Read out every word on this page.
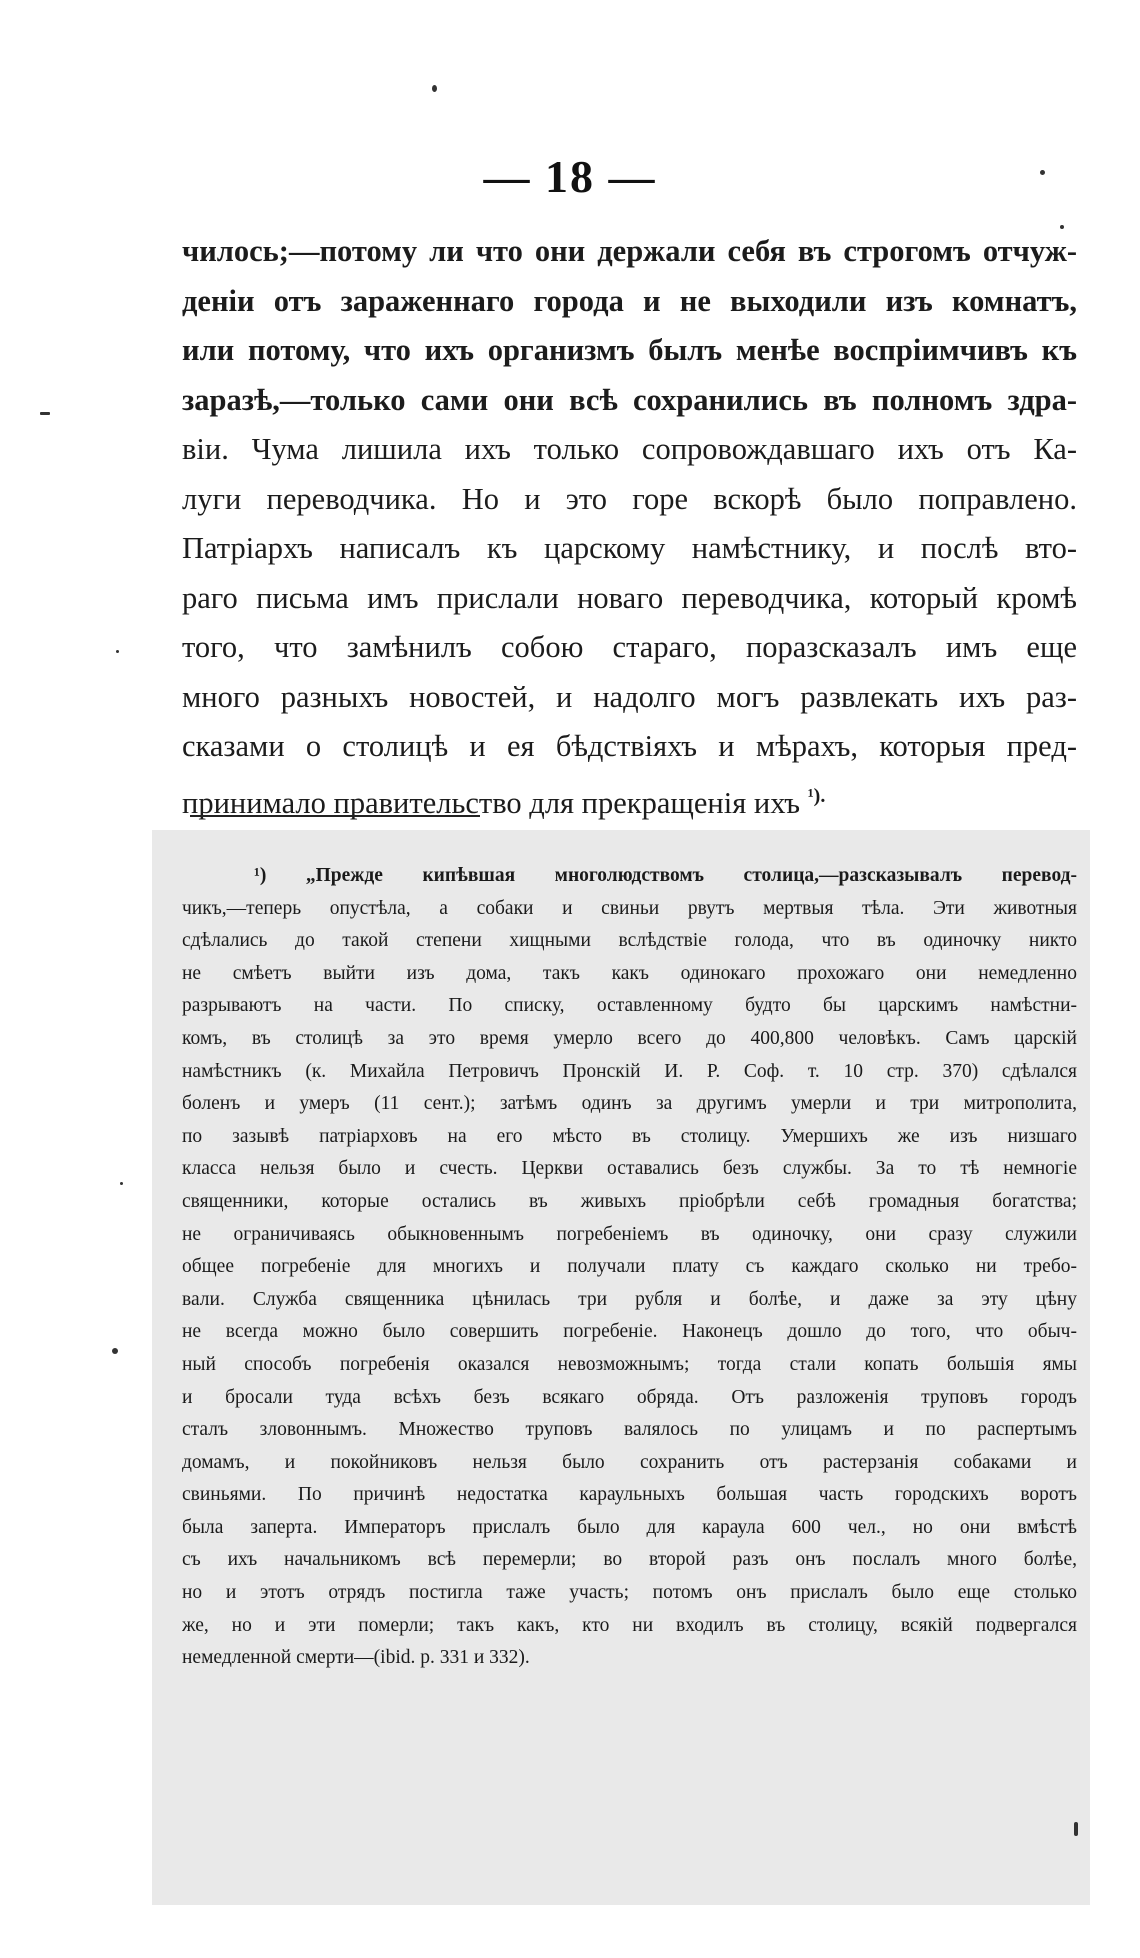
— 18 —
чилось;—потому ли что они держали себя въ строгомъ отчуж-
деніи отъ зараженнаго города и не выходили изъ комнатъ,
или потому, что ихъ организмъ былъ менѣе воспріимчивъ къ
заразѣ,—только сами они всѣ сохранились въ полномъ здра-
віи. Чума лишила ихъ только сопровождавшаго ихъ отъ Ка-
луги переводчика. Но и это горе вскорѣ было поправлено.
Патріархъ написалъ къ царскому намѣстнику, и послѣ вто-
раго письма имъ прислали новаго переводчика, который кромѣ
того, что замѣнилъ собою стараго, поразсказалъ имъ еще
много разныхъ новостей, и надолго могъ развлекать ихъ раз-
сказами о столицѣ и ея бѣдствіяхъ и мѣрахъ, которыя пред-
принимало правительство для прекращенія ихъ $^{^1).}$
¹) „Прежде кипѣвшая многолюдствомъ столица,—разсказывалъ перевод-
чикъ,—теперь опустѣла, а собаки и свиньи рвутъ мертвыя тѣла. Эти животныя
сдѣлались до такой степени хищными вслѣдствіе голода, что въ одиночку никто
не смѣетъ выйти изъ дома, такъ какъ одинокаго прохожаго они немедленно
разрываютъ на части. По списку, оставленному будто бы царскимъ намѣстни-
комъ, въ столицѣ за это время умерло всего до 400,800 человѣкъ. Самъ царскій
намѣстникъ (к. Михайла Петровичъ Пронскій И. Р. Соф. т. 10 стр. 370) сдѣлался
боленъ и умеръ (11 сент.); затѣмъ одинъ за другимъ умерли и три митрополита,
по зазывѣ патріарховъ на его мѣсто въ столицу. Умершихъ же изъ низшаго
класса нельзя было и счесть. Церкви оставались безъ службы. За то тѣ немногіе
священники, которые остались въ живыхъ пріобрѣли себѣ громадныя богатства;
не ограничиваясь обыкновеннымъ погребеніемъ въ одиночку, они сразу служили
общее погребеніе для многихъ и получали плату съ каждаго сколько ни требо-
вали. Служба священника цѣнилась три рубля и болѣе, и даже за эту цѣну
не всегда можно было совершить погребеніе. Наконецъ дошло до того, что обыч-
ный способъ погребенія оказался невозможнымъ; тогда стали копать большія ямы
и бросали туда всѣхъ безъ всякаго обряда. Отъ разложенія труповъ городъ
сталъ зловоннымъ. Множество труповъ валялось по улицамъ и по распертымъ
домамъ, и покойниковъ нельзя было сохранить отъ растерзанія собаками и
свиньями. По причинѣ недостатка караульныхъ большая часть городскихъ воротъ
была заперта. Императоръ прислалъ было для караула 600 чел., но они вмѣстѣ
съ ихъ начальникомъ всѣ перемерли; во второй разъ онъ послалъ много болѣе,
но и этотъ отрядъ постигла таже участь; потомъ онъ прислалъ было еще столько
же, но и эти померли; такъ какъ, кто ни входилъ въ столицу, всякій подвергался
немедленной смерти—(ibid. p. 331 и 332).
